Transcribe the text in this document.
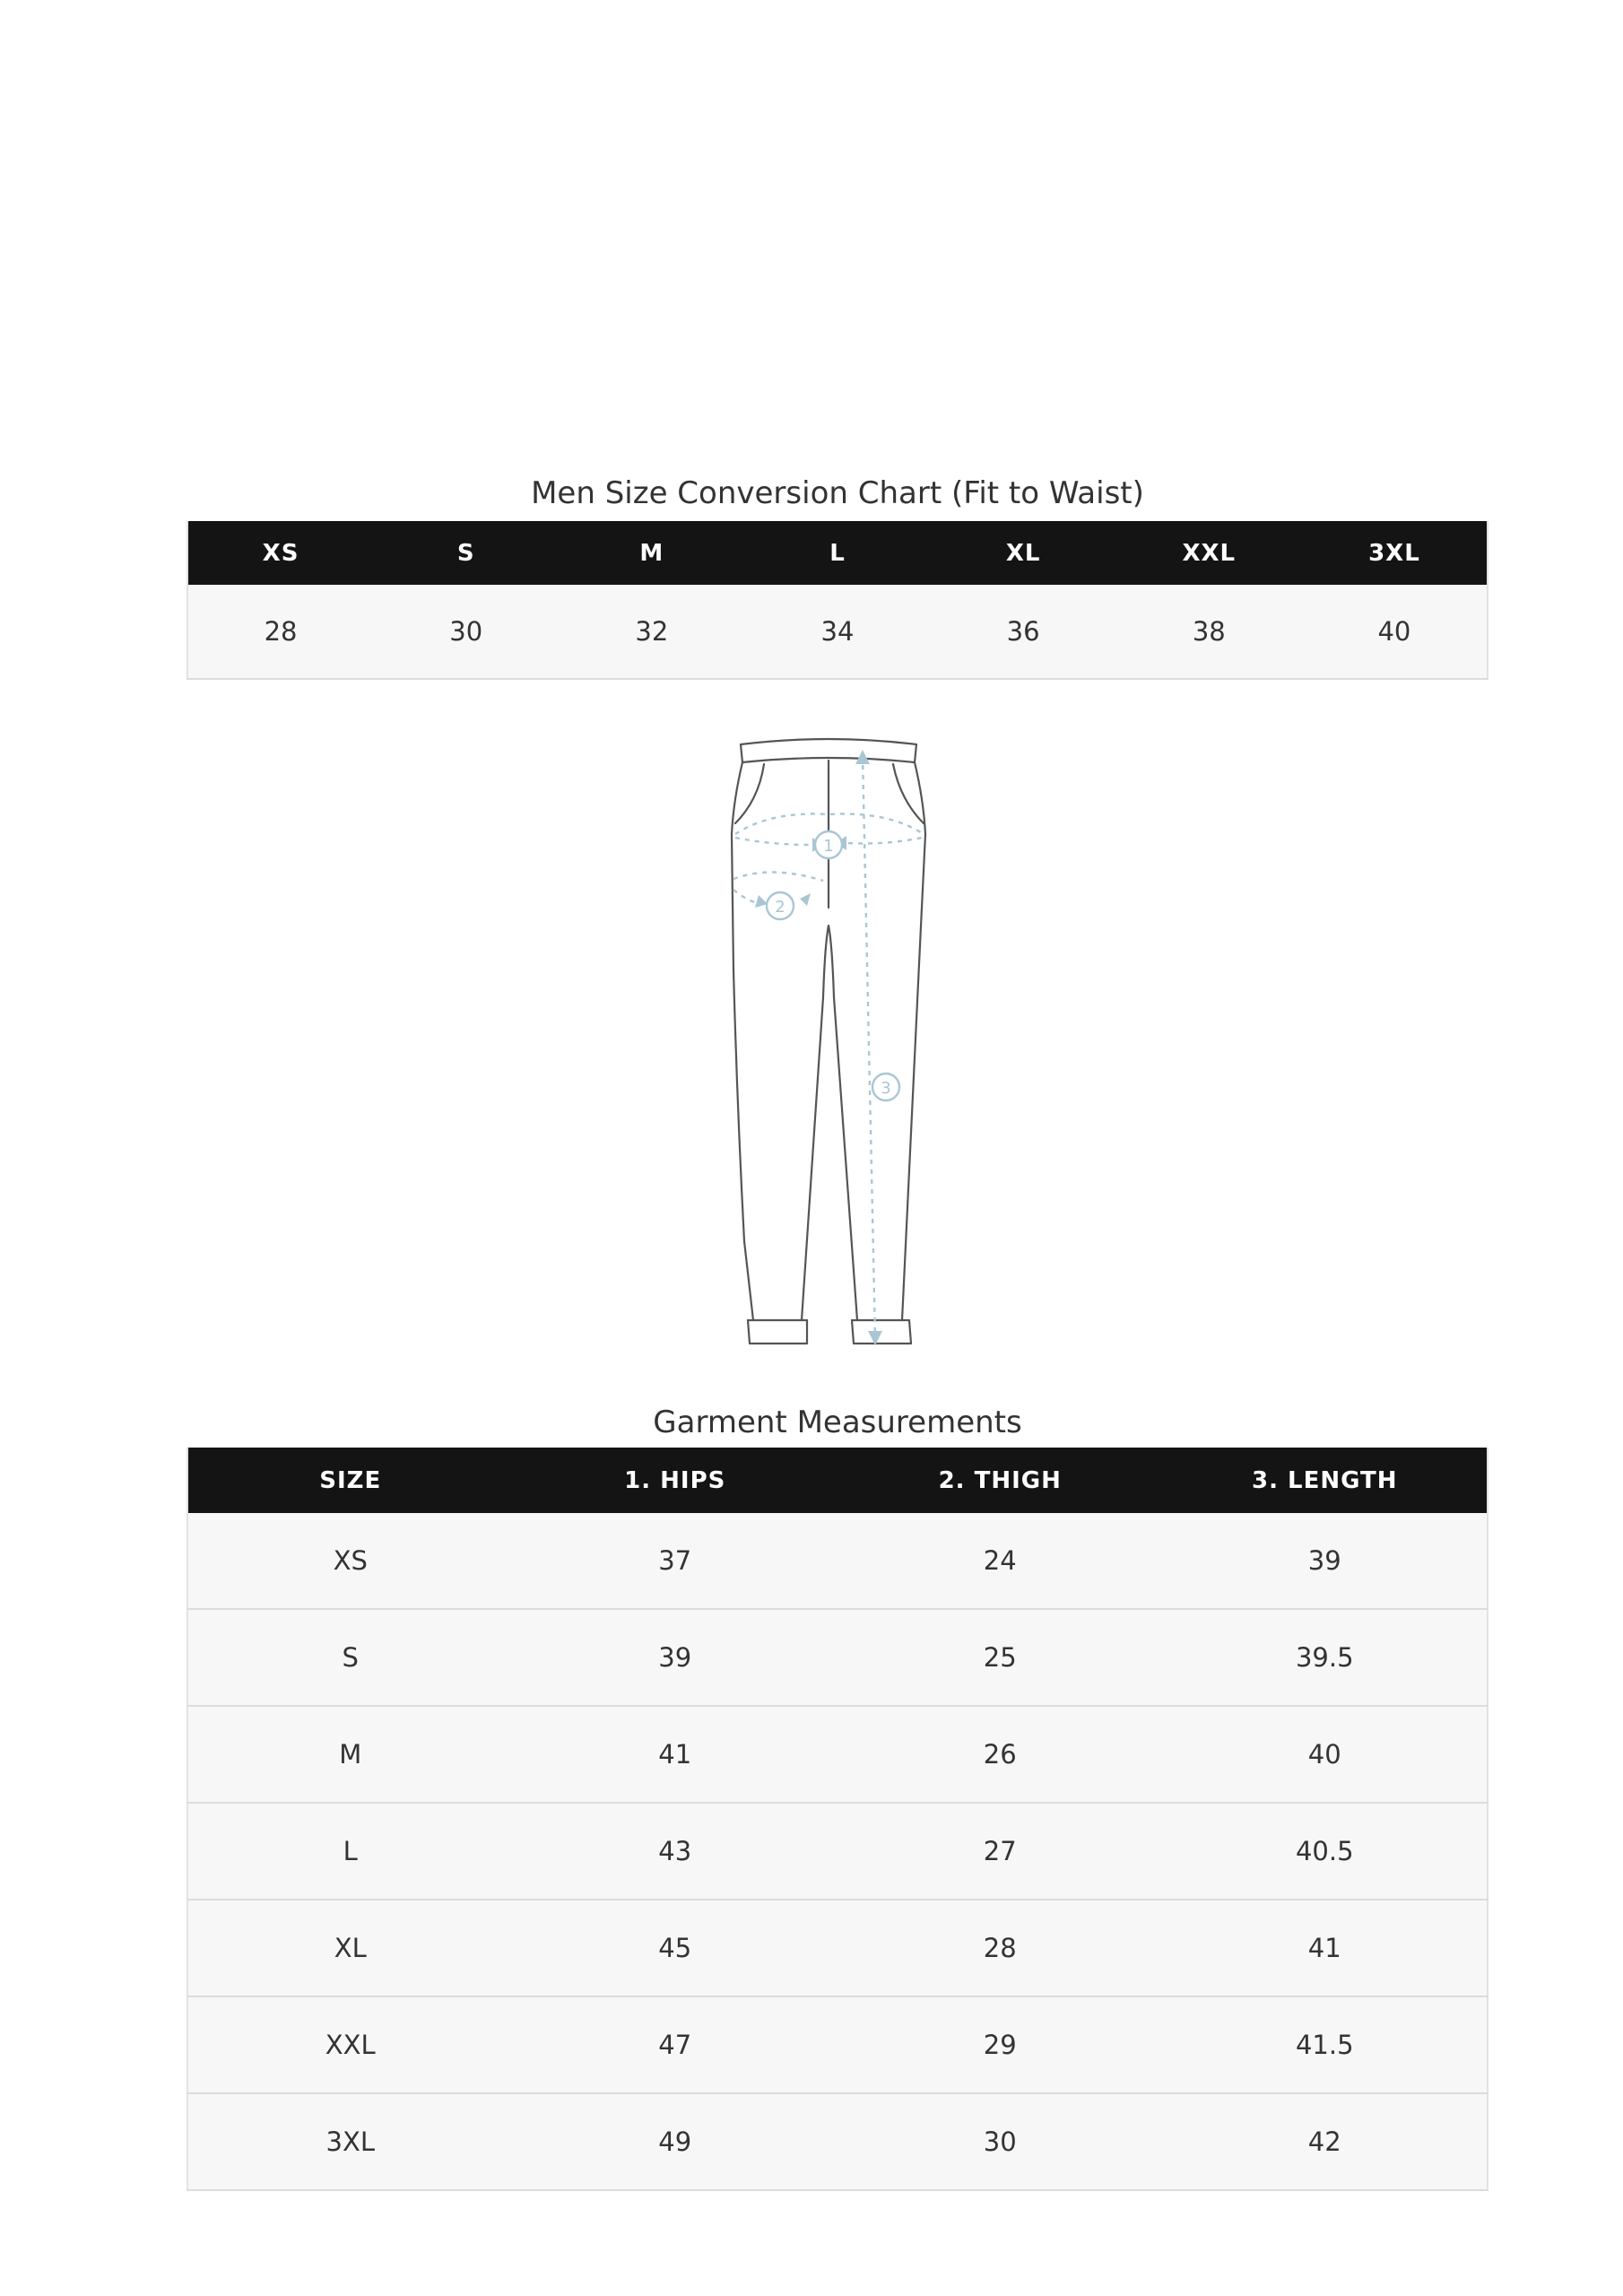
Men Size Conversion Chart (Fit to Waist)
XS	S	M	L	XL	XXL	3XL
28	30	32	34	36	38	40
1
2
3
Garment Measurements
SIZE	1. HIPS	2. THIGH	3. LENGTH
XS	37	24	39
S	39	25	39.5
M	41	26	40
L	43	27	40.5
XL	45	28	41
XXL	47	29	41.5
3XL	49	30	42
